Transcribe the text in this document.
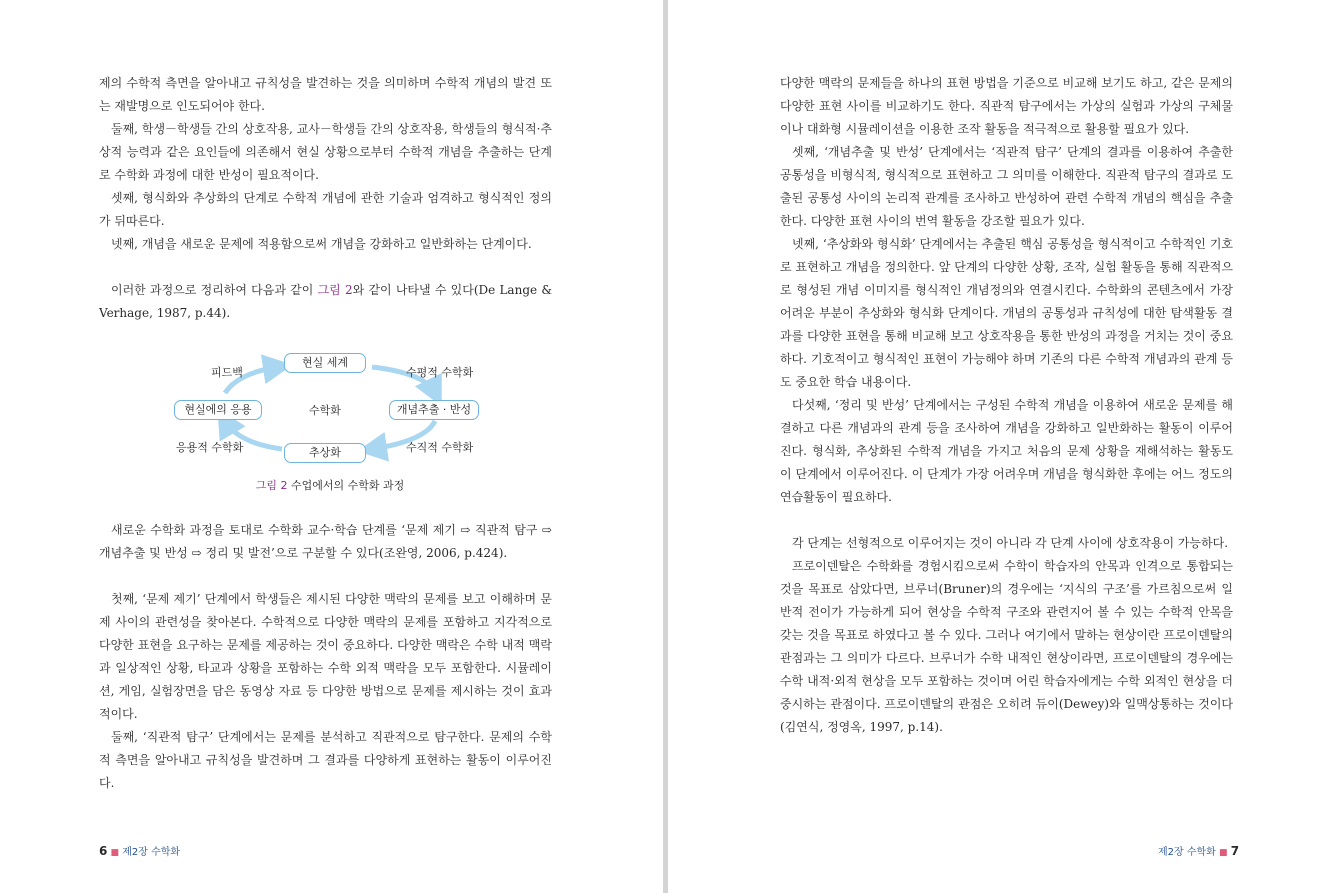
제의 수학적 측면을 알아내고 규칙성을 발견하는 것을 의미하며 수학적 개념의 발견 또는 재발명으로 인도되어야 한다.

둘째, 학생－학생들 간의 상호작용, 교사－학생들 간의 상호작용, 학생들의 형식적·추상적 능력과 같은 요인들에 의존해서 현실 상황으로부터 수학적 개념을 추출하는 단계로 수학화 과정에 대한 반성이 필요적이다.

셋째, 형식화와 추상화의 단계로 수학적 개념에 관한 기술과 엄격하고 형식적인 정의가 뒤따른다.

넷째, 개념을 새로운 문제에 적용함으로써 개념을 강화하고 일반화하는 단계이다.

이러한 과정으로 정리하여 다음과 같이 그림 2와 같이 나타낼 수 있다(De Lange & Verhage, 1987, p.44).

현실 세계
현실에의 응용	개념추출 · 반성
추상화
피드백	수평적 수학화
수학화
응용적 수학화	수직적 수학화
그림 2 수업에서의 수학화 과정

새로운 수학화 과정을 토대로 수학화 교수·학습 단계를 ‘문제 제기 ⇨ 직관적 탐구 ⇨ 개념추출 및 반성 ⇨ 정리 및 발전’으로 구분할 수 있다(조완영, 2006, p.424).

첫째, ‘문제 제기’ 단계에서 학생들은 제시된 다양한 맥락의 문제를 보고 이해하며 문제 사이의 관련성을 찾아본다. 수학적으로 다양한 맥락의 문제를 포함하고 지각적으로 다양한 표현을 요구하는 문제를 제공하는 것이 중요하다. 다양한 맥락은 수학 내적 맥락과 일상적인 상황, 타교과 상황을 포함하는 수학 외적 맥락을 모두 포함한다. 시뮬레이션, 게임, 실험장면을 담은 동영상 자료 등 다양한 방법으로 문제를 제시하는 것이 효과적이다.

둘째, ‘직관적 탐구’ 단계에서는 문제를 분석하고 직관적으로 탐구한다. 문제의 수학적 측면을 알아내고 규칙성을 발견하며 그 결과를 다양하게 표현하는 활동이 이루어진다.

6 ■ 제2장 수학화

다양한 맥락의 문제들을 하나의 표현 방법을 기준으로 비교해 보기도 하고, 같은 문제의 다양한 표현 사이를 비교하기도 한다. 직관적 탐구에서는 가상의 실험과 가상의 구체물이나 대화형 시뮬레이션을 이용한 조작 활동을 적극적으로 활용할 필요가 있다.

셋째, ‘개념추출 및 반성’ 단계에서는 ‘직관적 탐구’ 단계의 결과를 이용하여 추출한 공통성을 비형식적, 형식적으로 표현하고 그 의미를 이해한다. 직관적 탐구의 결과로 도출된 공통성 사이의 논리적 관계를 조사하고 반성하여 관련 수학적 개념의 핵심을 추출한다. 다양한 표현 사이의 번역 활동을 강조할 필요가 있다.

넷째, ‘추상화와 형식화’ 단계에서는 추출된 핵심 공통성을 형식적이고 수학적인 기호로 표현하고 개념을 정의한다. 앞 단계의 다양한 상황, 조작, 실험 활동을 통해 직관적으로 형성된 개념 이미지를 형식적인 개념정의와 연결시킨다. 수학화의 콘텐츠에서 가장 어려운 부분이 추상화와 형식화 단계이다. 개념의 공통성과 규칙성에 대한 탐색활동 결과를 다양한 표현을 통해 비교해 보고 상호작용을 통한 반성의 과정을 거치는 것이 중요하다. 기호적이고 형식적인 표현이 가능해야 하며 기존의 다른 수학적 개념과의 관계 등도 중요한 학습 내용이다.

다섯째, ‘정리 및 반성’ 단계에서는 구성된 수학적 개념을 이용하여 새로운 문제를 해결하고 다른 개념과의 관계 등을 조사하여 개념을 강화하고 일반화하는 활동이 이루어진다. 형식화, 추상화된 수학적 개념을 가지고 처음의 문제 상황을 재해석하는 활동도 이 단계에서 이루어진다. 이 단계가 가장 어려우며 개념을 형식화한 후에는 어느 정도의 연습활동이 필요하다.

각 단계는 선형적으로 이루어지는 것이 아니라 각 단계 사이에 상호작용이 가능하다.

프로이덴탈은 수학화를 경험시킴으로써 수학이 학습자의 안목과 인격으로 통합되는 것을 목표로 삼았다면, 브루너(Bruner)의 경우에는 ‘지식의 구조’를 가르침으로써 일반적 전이가 가능하게 되어 현상을 수학적 구조와 관련지어 볼 수 있는 수학적 안목을 갖는 것을 목표로 하였다고 볼 수 있다. 그러나 여기에서 말하는 현상이란 프로이덴탈의 관점과는 그 의미가 다르다. 브루너가 수학 내적인 현상이라면, 프로이덴탈의 경우에는 수학 내적·외적 현상을 모두 포함하는 것이며 어린 학습자에게는 수학 외적인 현상을 더 중시하는 관점이다. 프로이덴탈의 관점은 오히려 듀이(Dewey)와 일맥상통하는 것이다(김연식, 정영옥, 1997, p.14).

제2장 수학화 ■ 7
